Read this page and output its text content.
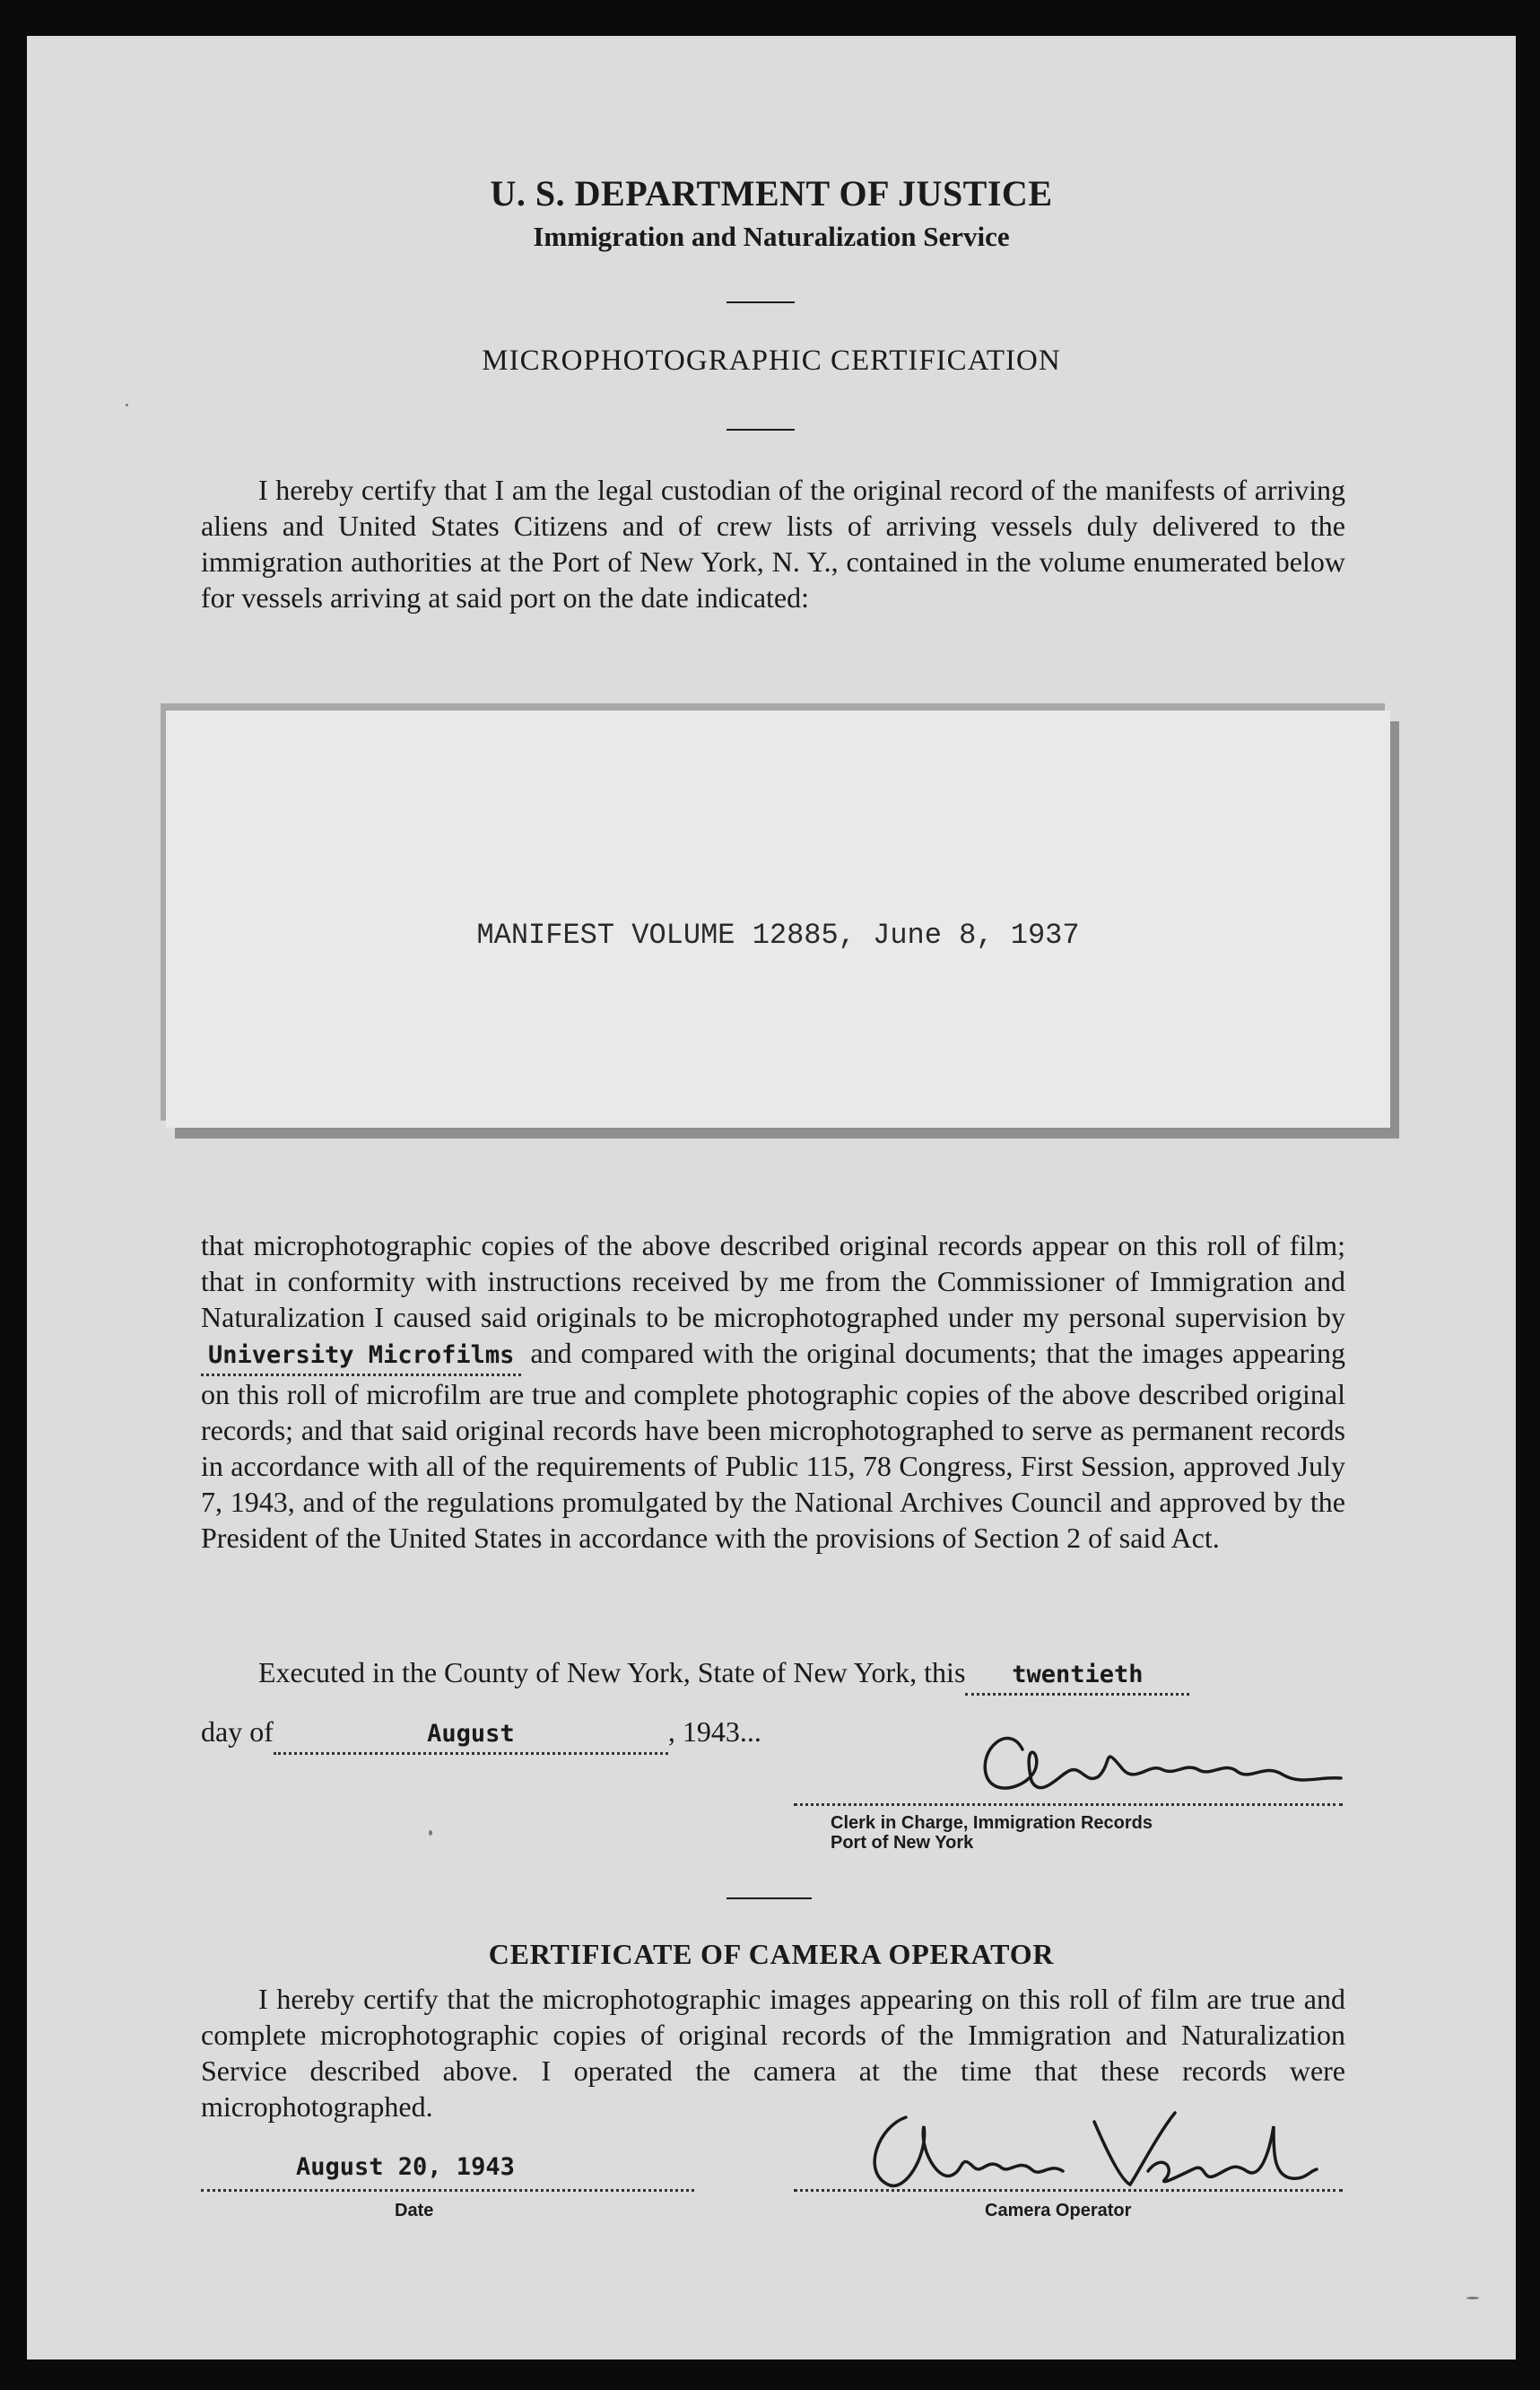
U. S. DEPARTMENT OF JUSTICE
Immigration and Naturalization Service
MICROPHOTOGRAPHIC CERTIFICATION
I hereby certify that I am the legal custodian of the original record of the manifests of arriving aliens and United States Citizens and of crew lists of arriving vessels duly delivered to the immigration authorities at the Port of New York, N. Y., contained in the volume enumerated below for vessels arriving at said port on the date indicated:
MANIFEST VOLUME 12885, June 8, 1937
that microphotographic copies of the above described original records appear on this roll of film; that in conformity with instructions received by me from the Commissioner of Immigration and Naturalization I caused said originals to be microphotographed under my personal supervision byUniversity Microfilms and compared with the original documents; that the images appearing on this roll of microfilm are true and complete photographic copies of the above described original records; and that said original records have been microphotographed to serve as permanent records in accordance with all of the requirements of Public 115, 78 Congress, First Session, approved July 7, 1943, and of the regulations promulgated by the National Archives Council and approved by the President of the United States in accordance with the provisions of Section 2 of said Act.
Executed in the County of New York, State of New York, this twentieth
day of	August	, 1943...
Clerk in Charge, Immigration Records
Port of New York
CERTIFICATE OF CAMERA OPERATOR
I hereby certify that the microphotographic images appearing on this roll of film are true and complete microphotographic copies of original records of the Immigration and Naturalization Service described above. I operated the camera at the time that these records were microphotographed.
August 20, 1943
Date	Camera Operator
